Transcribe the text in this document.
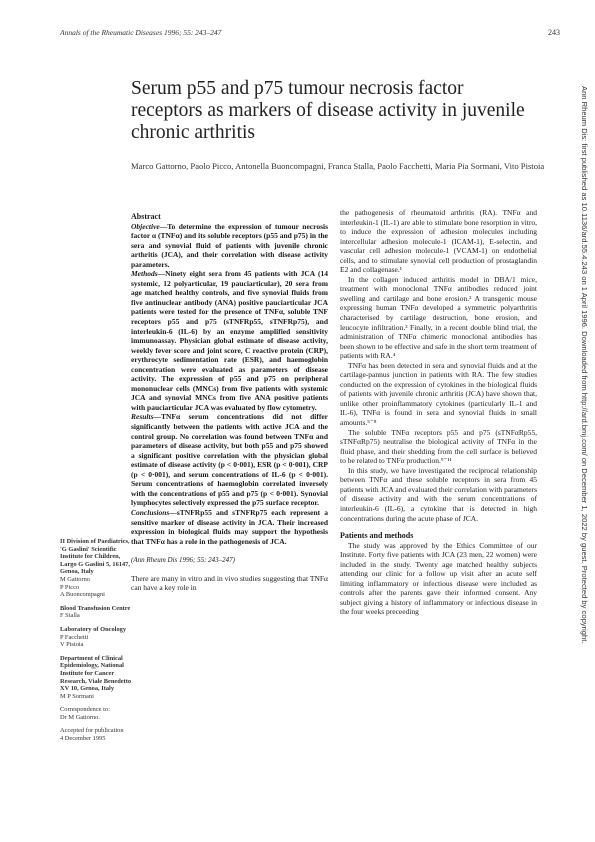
Annals of the Rheumatic Diseases 1996; 55: 243–247	243
Serum p55 and p75 tumour necrosis factor receptors as markers of disease activity in juvenile chronic arthritis
Marco Gattorno, Paolo Picco, Antonella Buoncompagni, Franca Stalla, Paolo Facchetti, Maria Pia Sormani, Vito Pistoia	Ann Rheum Dis: first published as 10.1136/ard.55.4.243 on 1 April 1996. Downloaded from http://ard.bmj.com/ on December 1, 2022 by guest. Protected by copyright.

II Division of Paediatrics, 'G Gaslini' Scientific Institute for Children, Largo G Gaslini 5, 16147, Genoa, Italy

M Gattorno

P Picco

A Buoncompagni

Blood Transfusion Centre

F Stalla

Laboratory of Oncology

P Facchetti

V Pistoia

Department of Clinical Epidemiology, National Institute for Cancer Research, Viale Benedetto XV 10, Genoa, Italy

M P Sormani

Correspondence to:

Dr M Gattorno.

Accepted for publication

4 December 1995

Abstract

Objective—To determine the expression of tumour necrosis factor α (TNFα) and its soluble receptors (p55 and p75) in the sera and synovial fluid of patients with juvenile chronic arthritis (JCA), and their correlation with disease activity parameters.

Methods—Ninety eight sera from 45 patients with JCA (14 systemic, 12 polyarticular, 19 pauciarticular), 20 sera from age matched healthy controls, and five synovial fluids from five antinuclear antibody (ANA) positive pauciarticular JCA patients were tested for the presence of TNFα, soluble TNF receptors p55 and p75 (sTNFRp55, sTNFRp75), and interleukin-6 (IL-6) by an enzyme amplified sensitivity immunoassay. Physician global estimate of disease activity, weekly fever score and joint score, C reactive protein (CRP), erythrocyte sedimentation rate (ESR), and haemoglobin concentration were evaluated as parameters of disease activity. The expression of p55 and p75 on peripheral mononuclear cells (MNCs) from five patients with systemic JCA and synovial MNCs from five ANA positive patients with pauciarticular JCA was evaluated by flow cytometry.

Results—TNFα serum concentrations did not differ significantly between the patients with active JCA and the control group. No correlation was found between TNFα and parameters of disease activity, but both p55 and p75 showed a significant positive correlation with the physician global estimate of disease activity (p < 0·001), ESR (p < 0·001), CRP (p < 0·001), and serum concentrations of IL-6 (p < 0·001). Serum concentrations of haemoglobin correlated inversely with the concentrations of p55 and p75 (p < 0·001). Synovial lymphocytes selectively expressed the p75 surface receptor.

Conclusions—sTNFRp55 and sTNFRp75 each represent a sensitive marker of disease activity in JCA. Their increased expression in biological fluids may support the hypothesis that TNFα has a role in the pathogenesis of JCA.

(Ann Rheum Dis 1996; 55: 243–247)

There are many in vitro and in vivo studies suggesting that TNFα can have a key role in

the pathogenesis of rheumatoid arthritis (RA). TNFα and interleukin-1 (IL-1) are able to stimulate bone resorption in vitro, to induce the expression of adhesion molecules including intercellular adhesion molecule-1 (ICAM-1), E-selectin, and vascular cell adhesion molecule-1 (VCAM-1) on endothelial cells, and to stimulate synovial cell production of prostaglandin E2 and collagenase.¹

In the collagen induced arthritis model in DBA/1 mice, treatment with monoclonal TNFα antibodies reduced joint swelling and cartilage and bone erosion.² A transgenic mouse expressing human TNFα developed a symmetric polyarthritis characterised by cartilage destruction, bone erosion, and leucocyte infiltration.³ Finally, in a recent double blind trial, the administration of TNFα chimeric monoclonal antibodies has been shown to be effective and safe in the short term treatment of patients with RA.⁴

TNFα has been detected in sera and synovial fluids and at the cartilage-pannus junction in patients with RA. The few studies conducted on the expression of cytokines in the biological fluids of patients with juvenile chronic arthritis (JCA) have shown that, unlike other proinflammatory cytokines (particularly IL-1 and IL-6), TNFα is found in sera and synovial fluids in small amounts.⁵⁻⁸

The soluble TNFα receptors p55 and p75 (sTNFαRp55, sTNFαRp75) neutralise the biological activity of TNFα in the fluid phase, and their shedding from the cell surface is believed to be related to TNFα production.⁹⁻¹¹

In this study, we have investigated the reciprocal relationship between TNFα and these soluble receptors in sera from 45 patients with JCA and evaluated their correlation with parameters of disease activity and with the serum concentrations of interleukin-6 (IL-6), a cytokine that is detected in high concentrations during the acute phase of JCA.

Patients and methods

The study was approved by the Ethics Committee of our Institute. Forty five patients with JCA (23 men, 22 women) were included in the study. Twenty age matched healthy subjects attending our clinic for a follow up visit after an acute self limiting inflammatory or infectious disease were included as controls after the parents gave their informed consent. Any subject giving a history of inflammatory or infectious disease in the four weeks preceeding
